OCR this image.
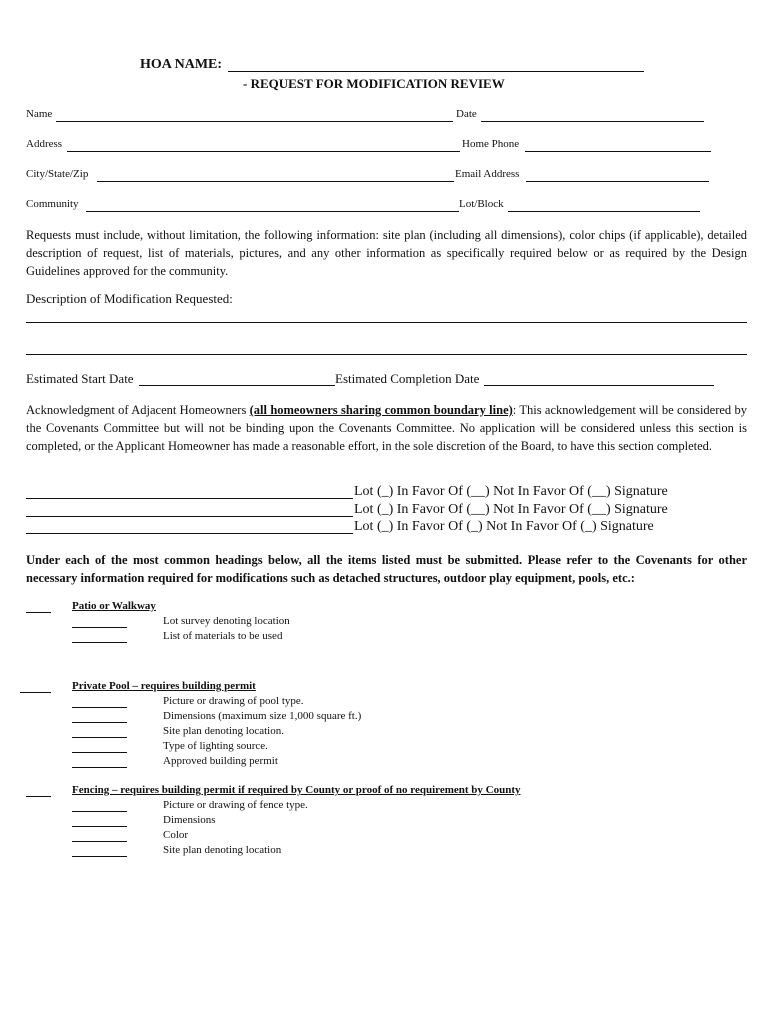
HOA NAME:
- REQUEST FOR MODIFICATION REVIEW
Name	Date
Address	Home Phone
City/State/Zip	Email Address
Community	Lot/Block
Requests must include, without limitation, the following information: site plan (including all dimensions), color chips (if applicable), detailed description of request, list of materials, pictures, and any other information as specifically required below or as required by the Design Guidelines approved for the community.
Description of Modification Requested:
Estimated Start Date	Estimated Completion Date
Acknowledgment of Adjacent Homeowners (all homeowners sharing common boundary line): This acknowledgement will be considered by the Covenants Committee but will not be binding upon the Covenants Committee. No application will be considered unless this section is completed, or the Applicant Homeowner has made a reasonable effort, in the sole discretion of the Board, to have this section completed.
Lot (_) In Favor Of (__) Not In Favor Of (__) Signature
Lot (_) In Favor Of (__) Not In Favor Of (__) Signature
Lot (_) In Favor Of (_) Not In Favor Of (_) Signature
Under each of the most common headings below, all the items listed must be submitted. Please refer to the Covenants for other necessary information required for modifications such as detached structures, outdoor play equipment, pools, etc.:
Patio or Walkway
Lot survey denoting location
List of materials to be used
Private Pool – requires building permit
Picture or drawing of pool type.
Dimensions (maximum size 1,000 square ft.)
Site plan denoting location.
Type of lighting source.
Approved building permit
Fencing – requires building permit if required by County or proof of no requirement by County
Picture or drawing of fence type.
Dimensions
Color
Site plan denoting location
